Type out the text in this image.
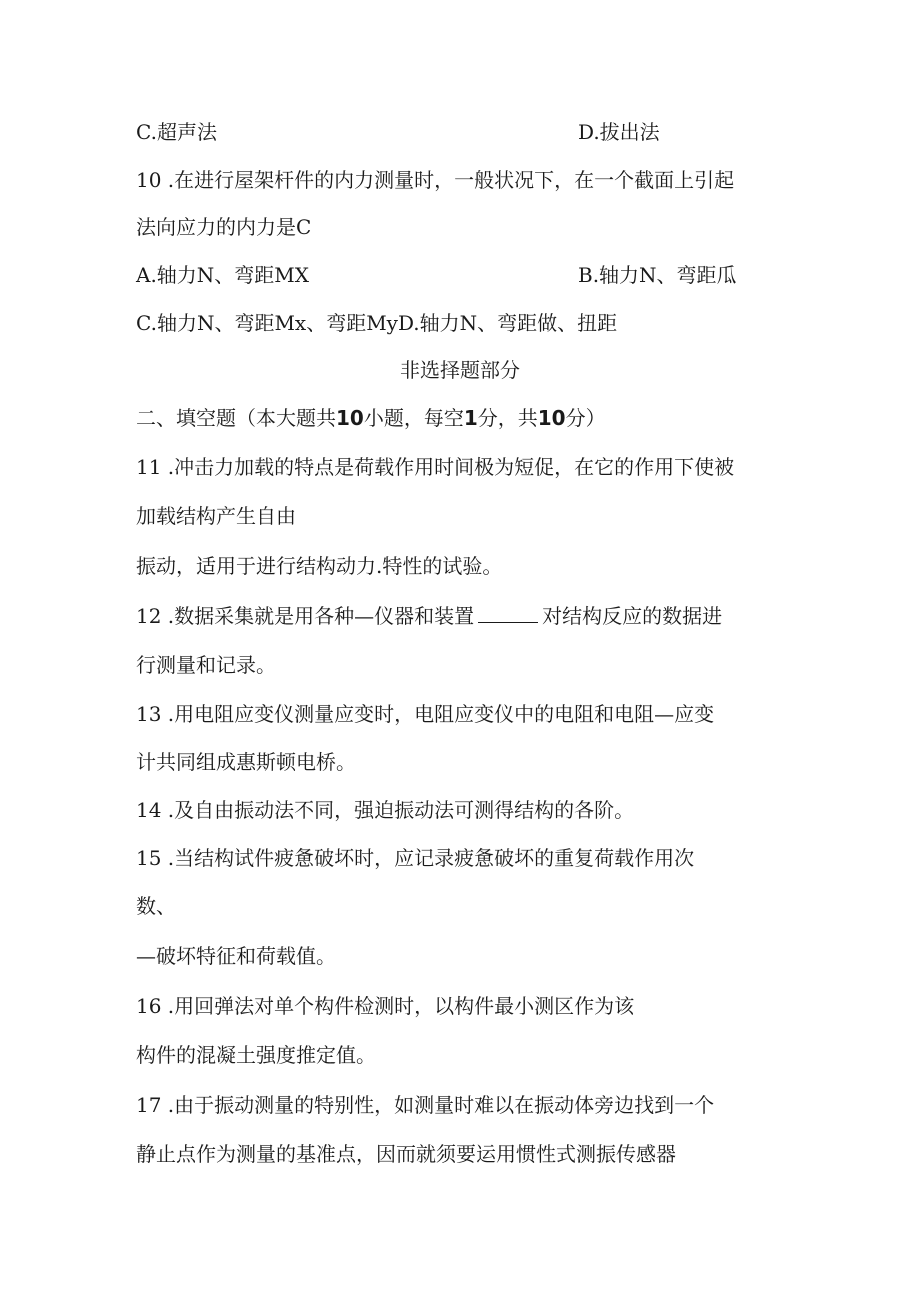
C.超声法	D.拔出法
10 .在进行屋架杆件的内力测量时，一般状况下，在一个截面上引起
法向应力的内力是C
A.轴力N、弯距MX	B.轴力N、弯距瓜
C.轴力N、弯距Mx、弯距MyD.轴力N、弯距做、扭距
非选择题部分
二、填空题（本大题共10小题，每空1分，共10分）
11 .冲击力加载的特点是荷载作用时间极为短促，在它的作用下使被
加载结构产生自由
振动，适用于进行结构动力.特性的试验。
12 .数据采集就是用各种—仪器和装置	对结构反应的数据进
行测量和记录。
13 .用电阻应变仪测量应变时，电阻应变仪中的电阻和电阻—应变
计共同组成惠斯顿电桥。
14 .及自由振动法不同，强迫振动法可测得结构的各阶。
15 .当结构试件疲惫破坏时，应记录疲惫破坏的重复荷载作用次
数、
—破坏特征和荷载值。
16 .用回弹法对单个构件检测时，以构件最小测区作为该
构件的混凝土强度推定值。
17 .由于振动测量的特别性，如测量时难以在振动体旁边找到一个
静止点作为测量的基准点，因而就须要运用惯性式测振传感器
